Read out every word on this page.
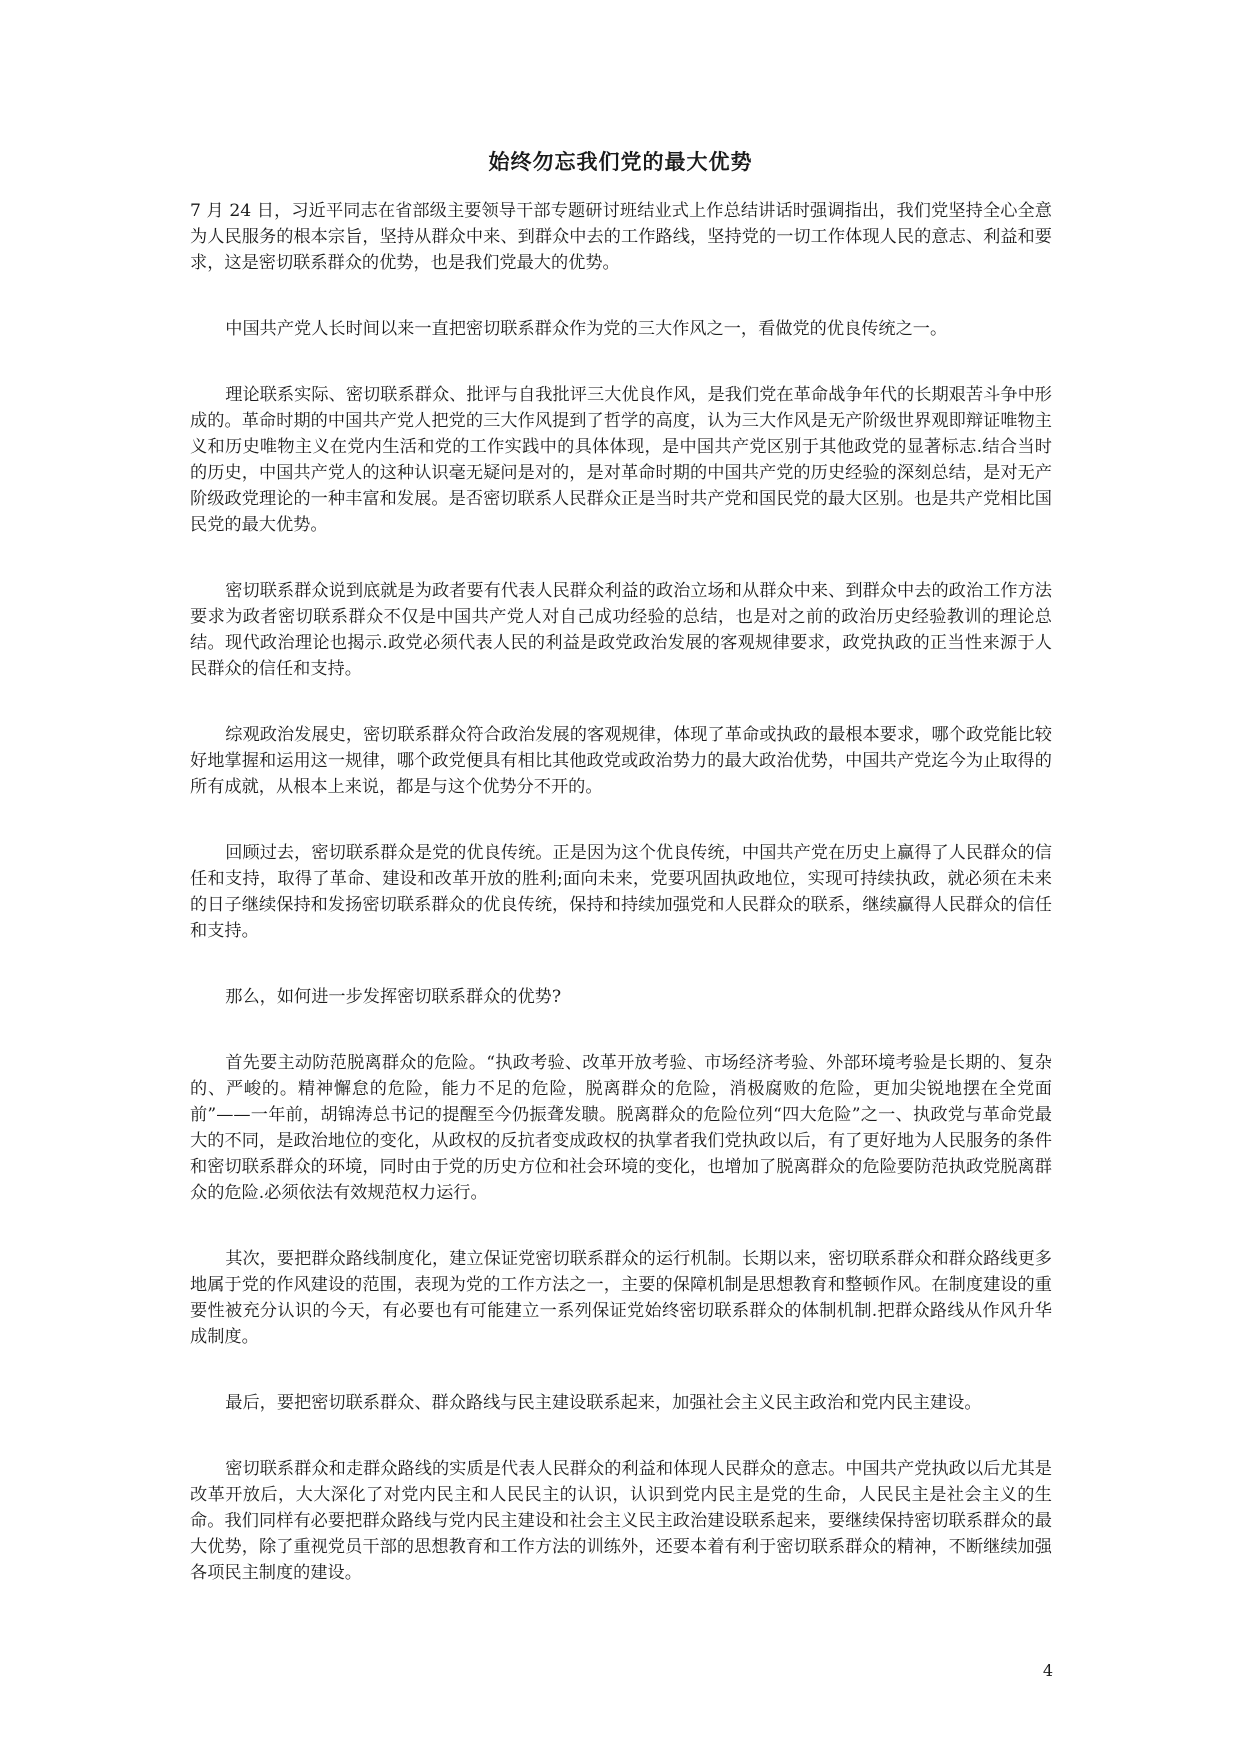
始终勿忘我们党的最大优势

7 月 24 日，习近平同志在省部级主要领导干部专题研讨班结业式上作总结讲话时强调指出，我们党坚持全心全意为人民服务的根本宗旨，坚持从群众中来、到群众中去的工作路线，坚持党的一切工作体现人民的意志、利益和要求，这是密切联系群众的优势，也是我们党最大的优势。

中国共产党人长时间以来一直把密切联系群众作为党的三大作风之一，看做党的优良传统之一。

理论联系实际、密切联系群众、批评与自我批评三大优良作风，是我们党在革命战争年代的长期艰苦斗争中形成的。革命时期的中国共产党人把党的三大作风提到了哲学的高度，认为三大作风是无产阶级世界观即辩证唯物主义和历史唯物主义在党内生活和党的工作实践中的具体体现，是中国共产党区别于其他政党的显著标志.结合当时的历史，中国共产党人的这种认识毫无疑问是对的，是对革命时期的中国共产党的历史经验的深刻总结，是对无产阶级政党理论的一种丰富和发展。是否密切联系人民群众正是当时共产党和国民党的最大区别。也是共产党相比国民党的最大优势。

密切联系群众说到底就是为政者要有代表人民群众利益的政治立场和从群众中来、到群众中去的政治工作方法要求为政者密切联系群众不仅是中国共产党人对自己成功经验的总结，也是对之前的政治历史经验教训的理论总结。现代政治理论也揭示.政党必须代表人民的利益是政党政治发展的客观规律要求，政党执政的正当性来源于人民群众的信任和支持。

综观政治发展史，密切联系群众符合政治发展的客观规律，体现了革命或执政的最根本要求，哪个政党能比较好地掌握和运用这一规律，哪个政党便具有相比其他政党或政治势力的最大政治优势，中国共产党迄今为止取得的所有成就，从根本上来说，都是与这个优势分不开的。

回顾过去，密切联系群众是党的优良传统。正是因为这个优良传统，中国共产党在历史上赢得了人民群众的信任和支持，取得了革命、建设和改革开放的胜利;面向未来，党要巩固执政地位，实现可持续执政，就必须在未来的日子继续保持和发扬密切联系群众的优良传统，保持和持续加强党和人民群众的联系，继续赢得人民群众的信任和支持。

那么，如何进一步发挥密切联系群众的优势?

首先要主动防范脱离群众的危险。“执政考验、改革开放考验、市场经济考验、外部环境考验是长期的、复杂的、严峻的。精神懈怠的危险，能力不足的危险，脱离群众的危险，消极腐败的危险，更加尖锐地摆在全党面前”——一年前，胡锦涛总书记的提醒至今仍振聋发聩。脱离群众的危险位列“四大危险”之一、执政党与革命党最大的不同，是政治地位的变化，从政权的反抗者变成政权的执掌者我们党执政以后，有了更好地为人民服务的条件和密切联系群众的环境，同时由于党的历史方位和社会环境的变化，也增加了脱离群众的危险要防范执政党脱离群众的危险.必须依法有效规范权力运行。

其次，要把群众路线制度化，建立保证党密切联系群众的运行机制。长期以来，密切联系群众和群众路线更多地属于党的作风建设的范围，表现为党的工作方法之一，主要的保障机制是思想教育和整顿作风。在制度建设的重要性被充分认识的今天，有必要也有可能建立一系列保证党始终密切联系群众的体制机制.把群众路线从作风升华成制度。

最后，要把密切联系群众、群众路线与民主建设联系起来，加强社会主义民主政治和党内民主建设。

密切联系群众和走群众路线的实质是代表人民群众的利益和体现人民群众的意志。中国共产党执政以后尤其是改革开放后，大大深化了对党内民主和人民民主的认识，认识到党内民主是党的生命，人民民主是社会主义的生命。我们同样有必要把群众路线与党内民主建设和社会主义民主政治建设联系起来，要继续保持密切联系群众的最大优势，除了重视党员干部的思想教育和工作方法的训练外，还要本着有利于密切联系群众的精神，不断继续加强各项民主制度的建设。

4
